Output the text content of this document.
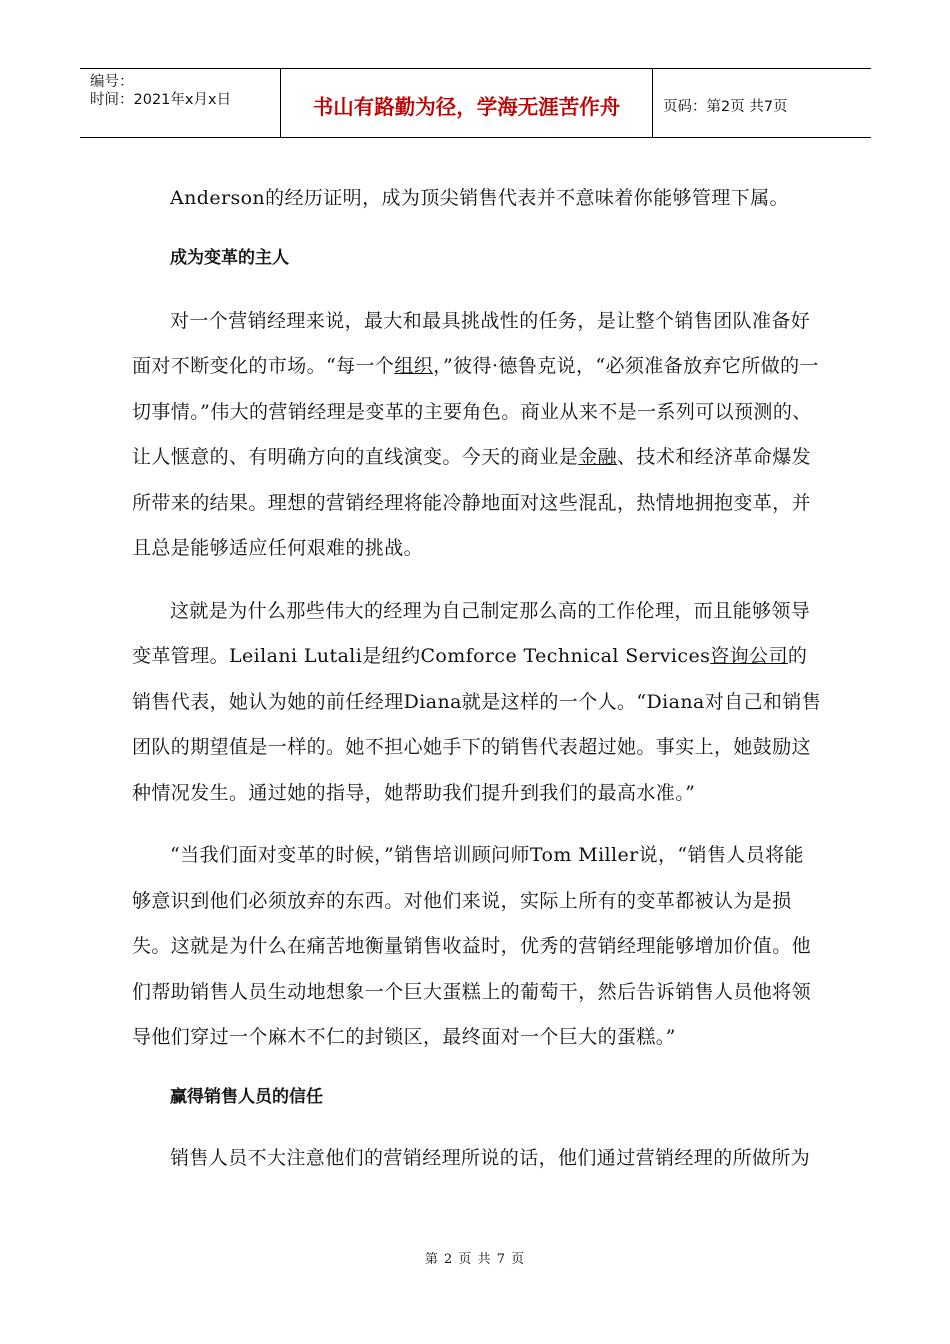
编号：
时间：2021年x月x日	书山有路勤为径，学海无涯苦作舟	页码：第2页 共7页

Anderson的经历证明，成为顶尖销售代表并不意味着你能够管理下属。

成为变革的主人

对一个营销经理来说，最大和最具挑战性的任务，是让整个销售团队准备好面对不断变化的市场。“每一个组织，”彼得·德鲁克说，“必须准备放弃它所做的一切事情。”伟大的营销经理是变革的主要角色。商业从来不是一系列可以预测的、让人惬意的、有明确方向的直线演变。今天的商业是金融、技术和经济革命爆发所带来的结果。理想的营销经理将能冷静地面对这些混乱，热情地拥抱变革，并且总是能够适应任何艰难的挑战。

这就是为什么那些伟大的经理为自己制定那么高的工作伦理，而且能够领导变革管理。Leilani Lutali是纽约Comforce Technical Services咨询公司的销售代表，她认为她的前任经理Diana就是这样的一个人。“Diana对自己和销售团队的期望值是一样的。她不担心她手下的销售代表超过她。事实上，她鼓励这种情况发生。通过她的指导，她帮助我们提升到我们的最高水准。”

“当我们面对变革的时候，”销售培训顾问师Tom Miller说，“销售人员将能够意识到他们必须放弃的东西。对他们来说，实际上所有的变革都被认为是损失。这就是为什么在痛苦地衡量销售收益时，优秀的营销经理能够增加价值。他们帮助销售人员生动地想象一个巨大蛋糕上的葡萄干，然后告诉销售人员他将领导他们穿过一个麻木不仁的封锁区，最终面对一个巨大的蛋糕。”

赢得销售人员的信任

销售人员不大注意他们的营销经理所说的话，他们通过营销经理的所做所为

第 2 页 共 7 页
